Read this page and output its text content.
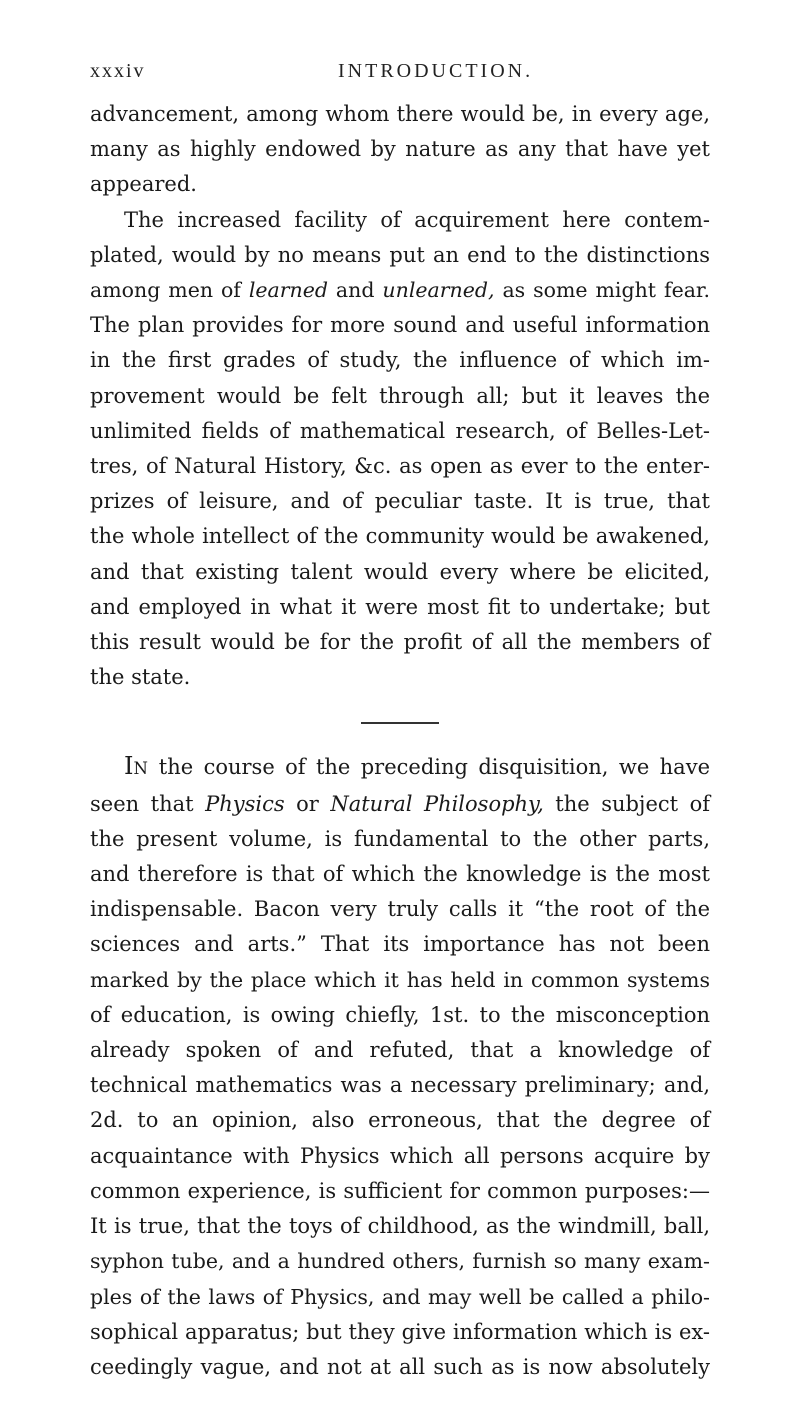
xxxiv	INTRODUCTION.
advancement, among whom there would be, in every age,
many as highly endowed by nature as any that have yet
appeared.
The increased facility of acquirement here contem-
plated, would by no means put an end to the distinctions
among men of learned and unlearned, as some might fear.
The plan provides for more sound and useful information
in the first grades of study, the influence of which im-
provement would be felt through all; but it leaves the
unlimited fields of mathematical research, of Belles-Let-
tres, of Natural History, &c. as open as ever to the enter-
prizes of leisure, and of peculiar taste. It is true, that
the whole intellect of the community would be awakened,
and that existing talent would every where be elicited,
and employed in what it were most fit to undertake; but
this result would be for the profit of all the members of
the state.
IN the course of the preceding disquisition, we have
seen that Physics or Natural Philosophy, the subject of
the present volume, is fundamental to the other parts,
and therefore is that of which the knowledge is the most
indispensable. Bacon very truly calls it “the root of the
sciences and arts.” That its importance has not been
marked by the place which it has held in common systems
of education, is owing chiefly, 1st. to the misconception
already spoken of and refuted, that a knowledge of
technical mathematics was a necessary preliminary; and,
2d. to an opinion, also erroneous, that the degree of
acquaintance with Physics which all persons acquire by
common experience, is sufficient for common purposes:—
It is true, that the toys of childhood, as the windmill, ball,
syphon tube, and a hundred others, furnish so many exam-
ples of the laws of Physics, and may well be called a philo-
sophical apparatus; but they give information which is ex-
ceedingly vague, and not at all such as is now absolutely
